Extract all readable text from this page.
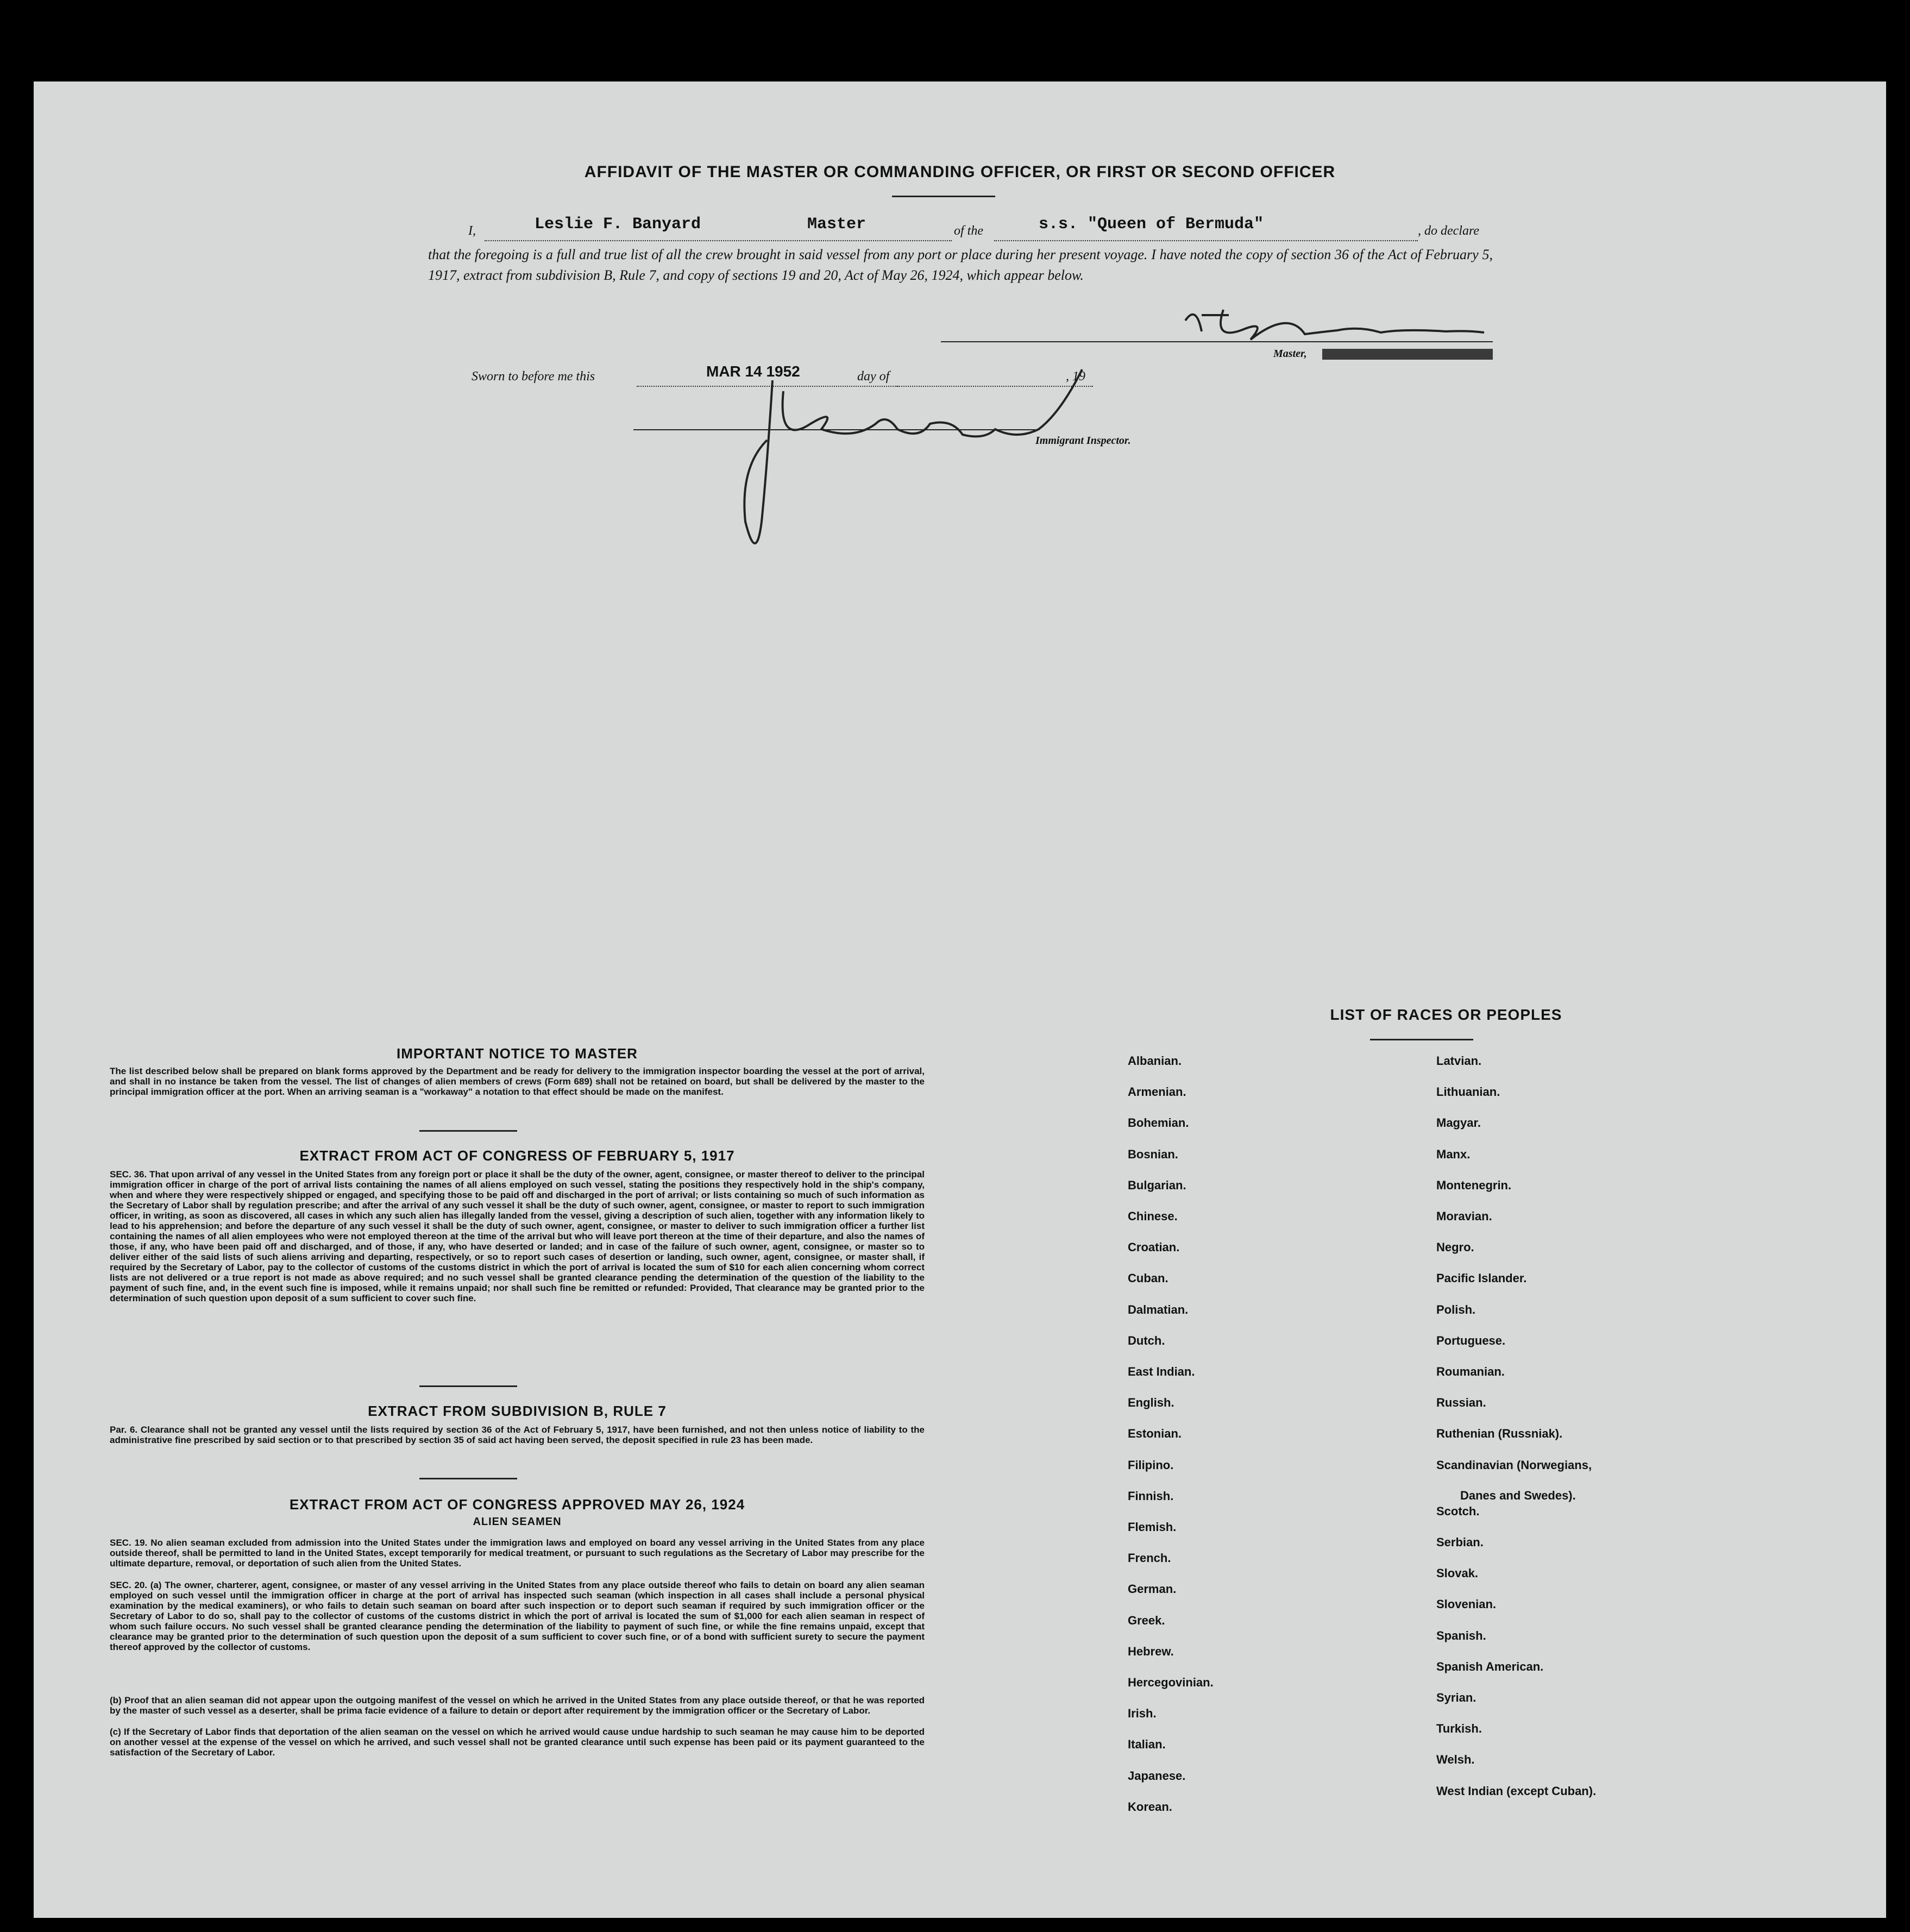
AFFIDAVIT OF THE MASTER OR COMMANDING OFFICER, OR FIRST OR SECOND OFFICER
I,	Leslie F. Banyard	Master	of the	s.s. "Queen of Bermuda"	, do declare
that the foregoing is a full and true list of all the crew brought in said vessel from any port or place during her present voyage. I have noted the copy of section 36 of the Act of February 5, 1917, extract from subdivision B, Rule 7, and copy of sections 19 and 20, Act of May 26, 1924, which appear below.
Master,
Sworn to before me this	MAR 14 1952	day of	, 19
Immigrant Inspector.
IMPORTANT NOTICE TO MASTER
The list described below shall be prepared on blank forms approved by the Department and be ready for delivery to the immigration inspector boarding the vessel at the port of arrival, and shall in no instance be taken from the vessel. The list of changes of alien members of crews (Form 689) shall not be retained on board, but shall be delivered by the master to the principal immigration officer at the port. When an arriving seaman is a "workaway" a notation to that effect should be made on the manifest.
EXTRACT FROM ACT OF CONGRESS OF FEBRUARY 5, 1917
SEC. 36. That upon arrival of any vessel in the United States from any foreign port or place it shall be the duty of the owner, agent, consignee, or master thereof to deliver to the principal immigration officer in charge of the port of arrival lists containing the names of all aliens employed on such vessel, stating the positions they respectively hold in the ship's company, when and where they were respectively shipped or engaged, and specifying those to be paid off and discharged in the port of arrival; or lists containing so much of such information as the Secretary of Labor shall by regulation prescribe; and after the arrival of any such vessel it shall be the duty of such owner, agent, consignee, or master to report to such immigration officer, in writing, as soon as discovered, all cases in which any such alien has illegally landed from the vessel, giving a description of such alien, together with any information likely to lead to his apprehension; and before the departure of any such vessel it shall be the duty of such owner, agent, consignee, or master to deliver to such immigration officer a further list containing the names of all alien employees who were not employed thereon at the time of the arrival but who will leave port thereon at the time of their departure, and also the names of those, if any, who have been paid off and discharged, and of those, if any, who have deserted or landed; and in case of the failure of such owner, agent, consignee, or master so to deliver either of the said lists of such aliens arriving and departing, respectively, or so to report such cases of desertion or landing, such owner, agent, consignee, or master shall, if required by the Secretary of Labor, pay to the collector of customs of the customs district in which the port of arrival is located the sum of $10 for each alien concerning whom correct lists are not delivered or a true report is not made as above required; and no such vessel shall be granted clearance pending the determination of the question of the liability to the payment of such fine, and, in the event such fine is imposed, while it remains unpaid; nor shall such fine be remitted or refunded: Provided, That clearance may be granted prior to the determination of such question upon deposit of a sum sufficient to cover such fine.
EXTRACT FROM SUBDIVISION B, RULE 7
Par. 6. Clearance shall not be granted any vessel until the lists required by section 36 of the Act of February 5, 1917, have been furnished, and not then unless notice of liability to the administrative fine prescribed by said section or to that prescribed by section 35 of said act having been served, the deposit specified in rule 23 has been made.
EXTRACT FROM ACT OF CONGRESS APPROVED MAY 26, 1924
ALIEN SEAMEN
SEC. 19. No alien seaman excluded from admission into the United States under the immigration laws and employed on board any vessel arriving in the United States from any place outside thereof, shall be permitted to land in the United States, except temporarily for medical treatment, or pursuant to such regulations as the Secretary of Labor may prescribe for the ultimate departure, removal, or deportation of such alien from the United States.
SEC. 20. (a) The owner, charterer, agent, consignee, or master of any vessel arriving in the United States from any place outside thereof who fails to detain on board any alien seaman employed on such vessel until the immigration officer in charge at the port of arrival has inspected such seaman (which inspection in all cases shall include a personal physical examination by the medical examiners), or who fails to detain such seaman on board after such inspection or to deport such seaman if required by such immigration officer or the Secretary of Labor to do so, shall pay to the collector of customs of the customs district in which the port of arrival is located the sum of $1,000 for each alien seaman in respect of whom such failure occurs. No such vessel shall be granted clearance pending the determination of the liability to payment of such fine, or while the fine remains unpaid, except that clearance may be granted prior to the determination of such question upon the deposit of a sum sufficient to cover such fine, or of a bond with sufficient surety to secure the payment thereof approved by the collector of customs.
(b) Proof that an alien seaman did not appear upon the outgoing manifest of the vessel on which he arrived in the United States from any place outside thereof, or that he was reported by the master of such vessel as a deserter, shall be prima facie evidence of a failure to detain or deport after requirement by the immigration officer or the Secretary of Labor.
(c) If the Secretary of Labor finds that deportation of the alien seaman on the vessel on which he arrived would cause undue hardship to such seaman he may cause him to be deported on another vessel at the expense of the vessel on which he arrived, and such vessel shall not be granted clearance until such expense has been paid or its payment guaranteed to the satisfaction of the Secretary of Labor.
LIST OF RACES OR PEOPLES
Albanian.
Armenian.
Bohemian.
Bosnian.
Bulgarian.
Chinese.
Croatian.
Cuban.
Dalmatian.
Dutch.
East Indian.
English.
Estonian.
Filipino.
Finnish.
Flemish.
French.
German.
Greek.
Hebrew.
Hercegovinian.
Irish.
Italian.
Japanese.
Korean.
Latvian.
Lithuanian.
Magyar.
Manx.
Montenegrin.
Moravian.
Negro.
Pacific Islander.
Polish.
Portuguese.
Roumanian.
Russian.
Ruthenian (Russniak).
Scandinavian (Norwegians,
Danes and Swedes).
Scotch.
Serbian.
Slovak.
Slovenian.
Spanish.
Spanish American.
Syrian.
Turkish.
Welsh.
West Indian (except Cuban).
